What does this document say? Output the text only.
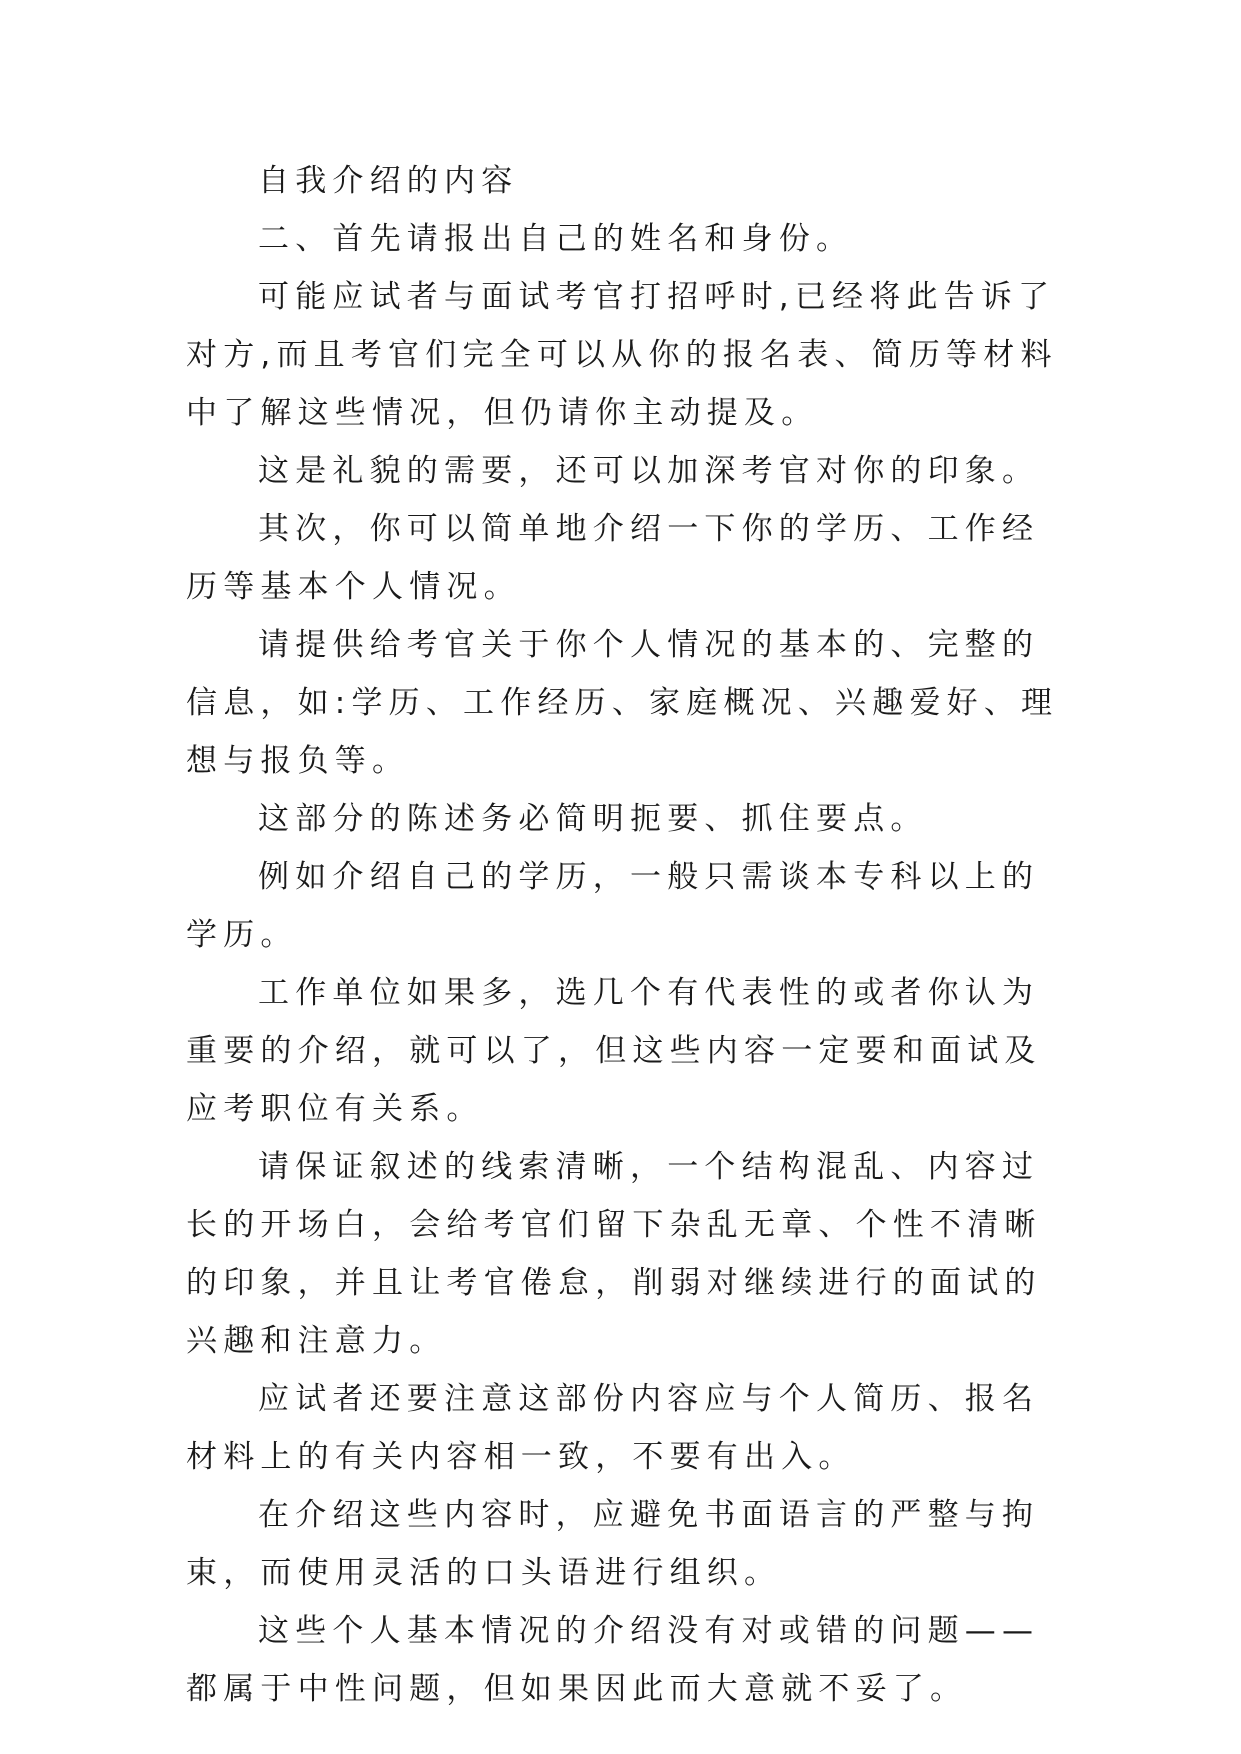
自我介绍的内容

二、首先请报出自己的姓名和身份。

可能应试者与面试考官打招呼时,已经将此告诉了对方,而且考官们完全可以从你的报名表、简历等材料中了解这些情况，但仍请你主动提及。

这是礼貌的需要，还可以加深考官对你的印象。

其次，你可以简单地介绍一下你的学历、工作经历等基本个人情况。

请提供给考官关于你个人情况的基本的、完整的信息，如:学历、工作经历、家庭概况、兴趣爱好、理想与报负等。

这部分的陈述务必简明扼要、抓住要点。

例如介绍自己的学历，一般只需谈本专科以上的学历。

工作单位如果多，选几个有代表性的或者你认为重要的介绍，就可以了，但这些内容一定要和面试及应考职位有关系。

请保证叙述的线索清晰，一个结构混乱、内容过长的开场白，会给考官们留下杂乱无章、个性不清晰的印象，并且让考官倦怠，削弱对继续进行的面试的兴趣和注意力。

应试者还要注意这部份内容应与个人简历、报名材料上的有关内容相一致，不要有出入。

在介绍这些内容时，应避免书面语言的严整与拘束，而使用灵活的口头语进行组织。

这些个人基本情况的介绍没有对或错的问题——都属于中性问题，但如果因此而大意就不妥了。
